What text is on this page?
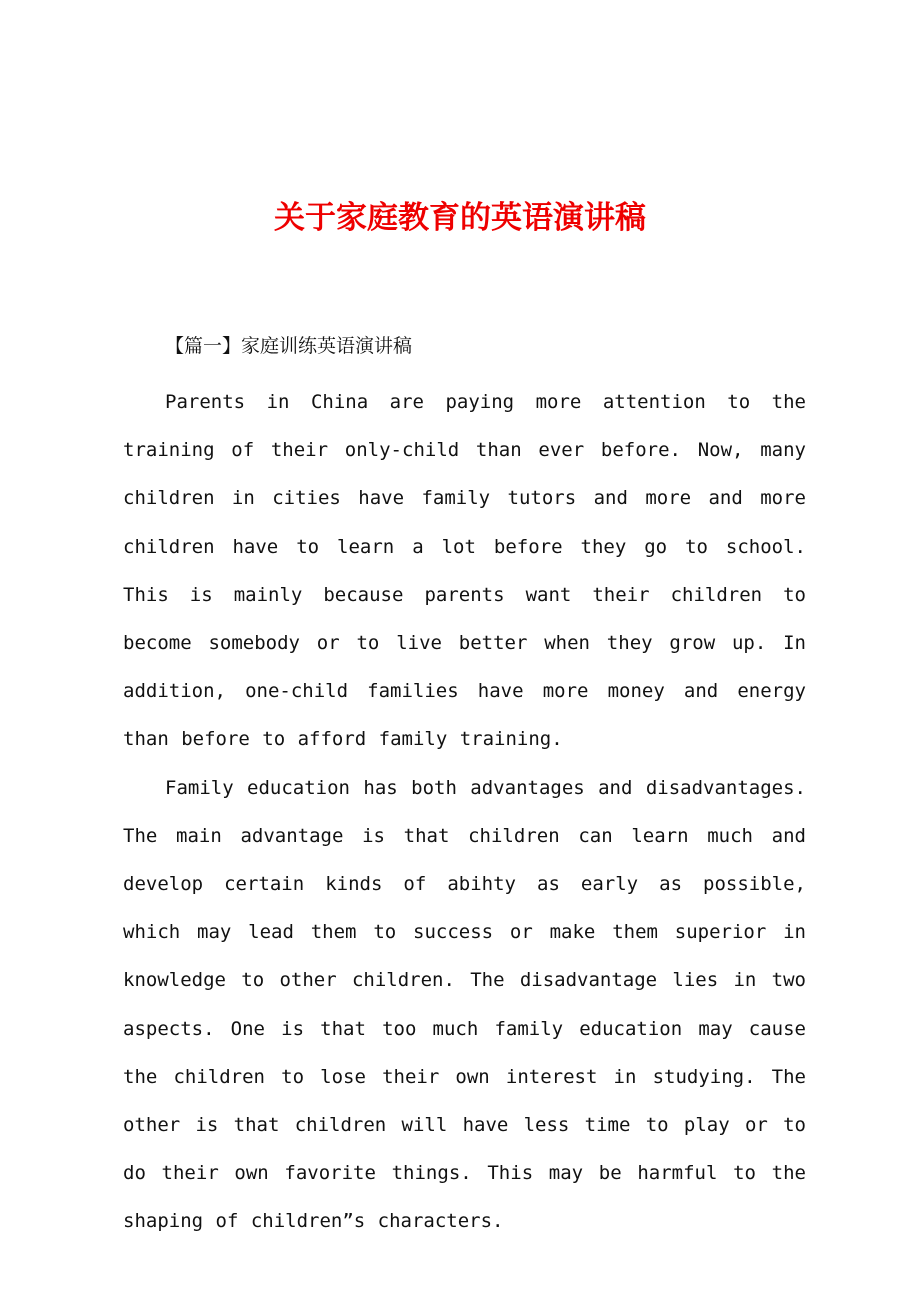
关于家庭教育的英语演讲稿

【篇一】家庭训练英语演讲稿

Parents in China are paying more attention to the training of their only-child than ever before. Now, many children in cities have family tutors and more and more children have to learn a lot before they go to school. This is mainly because parents want their children to become somebody or to live better when they grow up. In addition, one-child families have more money and energy than before to afford family training.

Family education has both advantages and disadvantages. The main advantage is that children can learn much and develop certain kinds of abihty as early as possible, which may lead them to success or make them superior in knowledge to other children. The disadvantage lies in two aspects. One is that too much family education may cause the children to lose their own interest in studying. The other is that children will have less time to play or to do their own favorite things. This may be harmful to the shaping of children”s characters.
